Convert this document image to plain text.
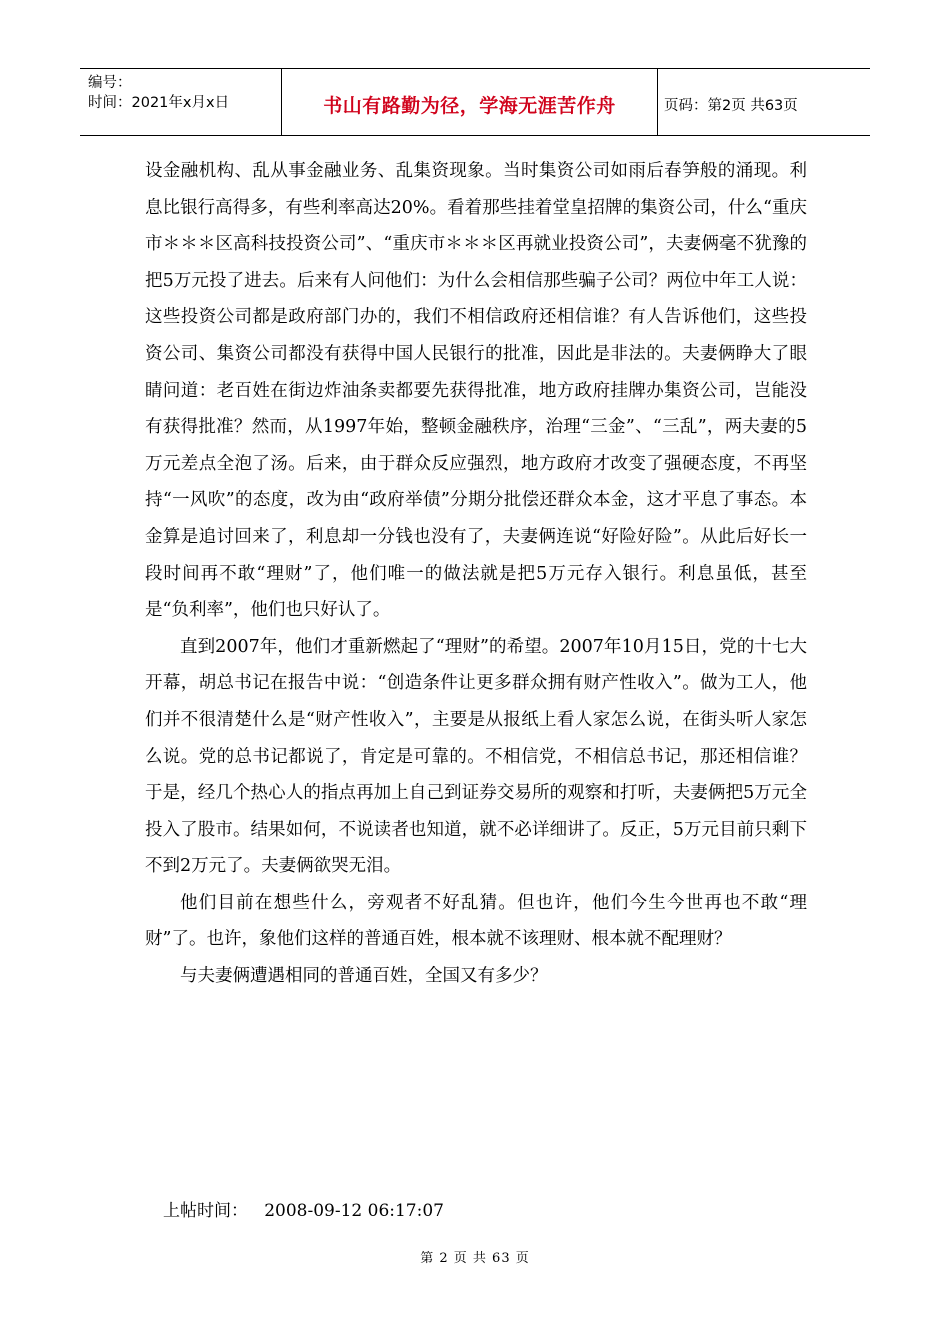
编号：
时间：2021年x月x日	书山有路勤为径，学海无涯苦作舟	页码：第2页 共63页

设金融机构、乱从事金融业务、乱集资现象。当时集资公司如雨后春笋般的涌现。利息比银行高得多，有些利率高达20%。看着那些挂着堂皇招牌的集资公司，什么“重庆市＊＊＊区高科技投资公司”、“重庆市＊＊＊区再就业投资公司”，夫妻俩毫不犹豫的把5万元投了进去。后来有人问他们：为什么会相信那些骗子公司？两位中年工人说：这些投资公司都是政府部门办的，我们不相信政府还相信谁？有人告诉他们，这些投资公司、集资公司都没有获得中国人民银行的批准，因此是非法的。夫妻俩睁大了眼睛问道：老百姓在街边炸油条卖都要先获得批准，地方政府挂牌办集资公司，岂能没有获得批准？然而，从1997年始，整顿金融秩序，治理“三金”、“三乱”，两夫妻的5万元差点全泡了汤。后来，由于群众反应强烈，地方政府才改变了强硬态度，不再坚持“一风吹”的态度，改为由“政府举债”分期分批偿还群众本金，这才平息了事态。本金算是追讨回来了，利息却一分钱也没有了，夫妻俩连说“好险好险”。从此后好长一段时间再不敢“理财”了，他们唯一的做法就是把5万元存入银行。利息虽低，甚至是“负利率”，他们也只好认了。

直到2007年，他们才重新燃起了“理财”的希望。2007年10月15日，党的十七大开幕，胡总书记在报告中说：“创造条件让更多群众拥有财产性收入”。做为工人，他们并不很清楚什么是“财产性收入”，主要是从报纸上看人家怎么说，在街头听人家怎么说。党的总书记都说了，肯定是可靠的。不相信党，不相信总书记，那还相信谁？于是，经几个热心人的指点再加上自己到证券交易所的观察和打听，夫妻俩把5万元全投入了股市。结果如何，不说读者也知道，就不必详细讲了。反正，5万元目前只剩下不到2万元了。夫妻俩欲哭无泪。

他们目前在想些什么，旁观者不好乱猜。但也许，他们今生今世再也不敢“理财”了。也许，象他们这样的普通百姓，根本就不该理财、根本就不配理财？

与夫妻俩遭遇相同的普通百姓，全国又有多少？

上帖时间：   2008-09-12 06:17:07
第 2 页 共 63 页
